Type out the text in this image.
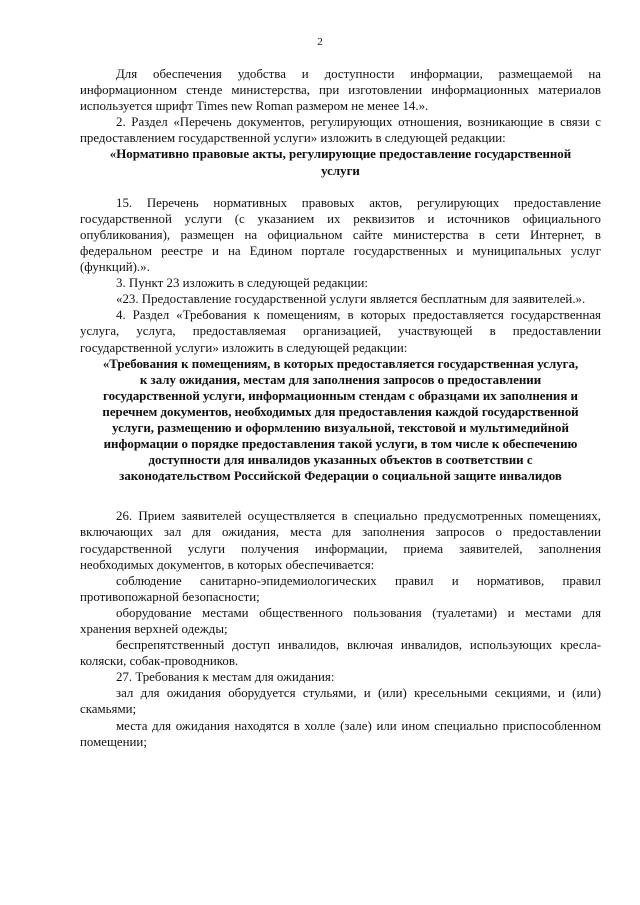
2

Для обеспечения удобства и доступности информации, размещаемой на информационном стенде министерства, при изготовлении информационных материалов используется шрифт Times new Roman размером не менее 14.».

2. Раздел «Перечень документов, регулирующих отношения, возникающие в связи с предоставлением государственной услуги» изложить в следующей редакции:

«Нормативно правовые акты, регулирующие предоставление государственной услуги

15. Перечень нормативных правовых актов, регулирующих предоставление государственной услуги (с указанием их реквизитов и источников официального опубликования), размещен на официальном сайте министерства в сети Интернет, в федеральном реестре и на Едином портале государственных и муниципальных услуг (функций).».

3. Пункт 23 изложить в следующей редакции:

«23. Предоставление государственной услуги является бесплатным для заявителей.».

4. Раздел «Требования к помещениям, в которых предоставляется государственная услуга, услуга, предоставляемая организацией, участвующей в предоставлении государственной услуги» изложить в следующей редакции:

«Требования к помещениям, в которых предоставляется государственная услуга, к залу ожидания, местам для заполнения запросов о предоставлении государственной услуги, информационным стендам с образцами их заполнения и перечнем документов, необходимых для предоставления каждой государственной услуги, размещению и оформлению визуальной, текстовой и мультимедийной информации о порядке предоставления такой услуги, в том числе к обеспечению доступности для инвалидов указанных объектов в соответствии с законодательством Российской Федерации о социальной защите инвалидов

26. Прием заявителей осуществляется в специально предусмотренных помещениях, включающих зал для ожидания, места для заполнения запросов о предоставлении государственной услуги получения информации, приема заявителей, заполнения необходимых документов, в которых обеспечивается:

соблюдение санитарно-эпидемиологических правил и нормативов, правил противопожарной безопасности;

оборудование местами общественного пользования (туалетами) и местами для хранения верхней одежды;

беспрепятственный доступ инвалидов, включая инвалидов, использующих кресла-коляски, собак-проводников.

27. Требования к местам для ожидания:

зал для ожидания оборудуется стульями, и (или) кресельными секциями, и (или) скамьями;

места для ожидания находятся в холле (зале) или ином специально приспособленном помещении;
